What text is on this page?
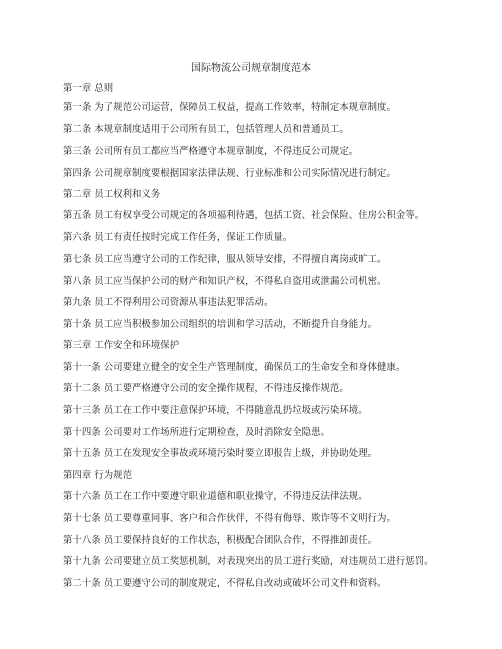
国际物流公司规章制度范本
第一章 总则
第一条 为了规范公司运营，保障员工权益，提高工作效率，特制定本规章制度。
第二条 本规章制度适用于公司所有员工，包括管理人员和普通员工。
第三条 公司所有员工都应当严格遵守本规章制度，不得违反公司规定。
第四条 公司规章制度要根据国家法律法规、行业标准和公司实际情况进行制定。
第二章 员工权利和义务
第五条 员工有权享受公司规定的各项福利待遇，包括工资、社会保险、住房公积金等。
第六条 员工有责任按时完成工作任务，保证工作质量。
第七条 员工应当遵守公司的工作纪律，服从领导安排，不得擅自离岗或旷工。
第八条 员工应当保护公司的财产和知识产权，不得私自盗用或泄漏公司机密。
第九条 员工不得利用公司资源从事违法犯罪活动。
第十条 员工应当积极参加公司组织的培训和学习活动，不断提升自身能力。
第三章 工作安全和环境保护
第十一条 公司要建立健全的安全生产管理制度，确保员工的生命安全和身体健康。
第十二条 员工要严格遵守公司的安全操作规程，不得违反操作规范。
第十三条 员工在工作中要注意保护环境，不得随意乱扔垃圾或污染环境。
第十四条 公司要对工作场所进行定期检查，及时消除安全隐患。
第十五条 员工在发现安全事故或环境污染时要立即报告上级，并协助处理。
第四章 行为规范
第十六条 员工在工作中要遵守职业道德和职业操守，不得违反法律法规。
第十七条 员工要尊重同事、客户和合作伙伴，不得有侮辱、欺诈等不文明行为。
第十八条 员工要保持良好的工作状态，积极配合团队合作，不得推卸责任。
第十九条 公司要建立员工奖惩机制，对表现突出的员工进行奖励，对违规员工进行惩罚。
第二十条 员工要遵守公司的制度规定，不得私自改动或破坏公司文件和资料。
